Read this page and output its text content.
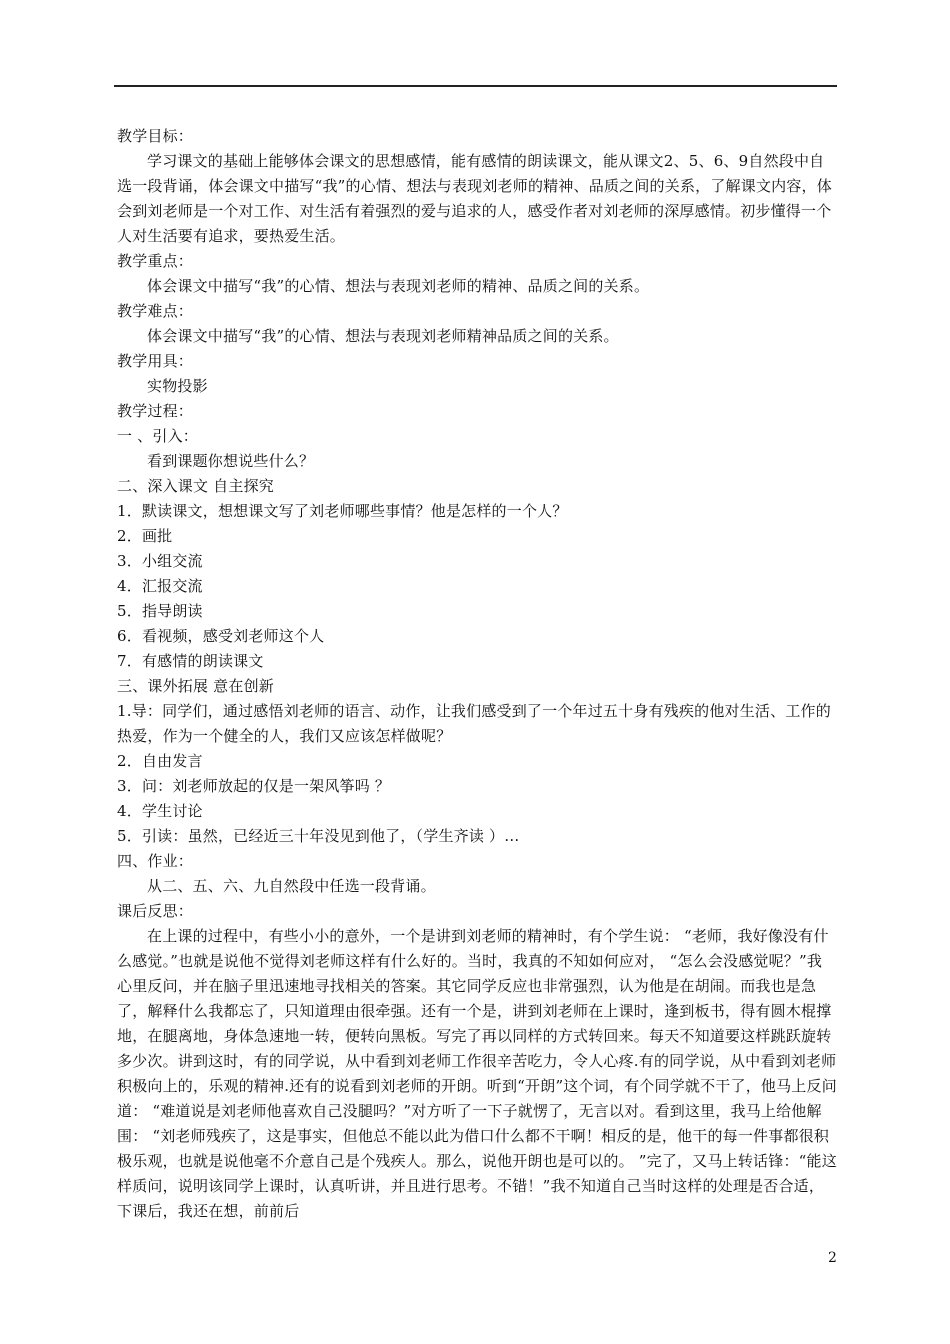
教学目标：

学习课文的基础上能够体会课文的思想感情，能有感情的朗读课文，能从课文2、5、6、9自然段中自选一段背诵，体会课文中描写“我”的心情、想法与表现刘老师的精神、品质之间的关系，了解课文内容，体会到刘老师是一个对工作、对生活有着强烈的爱与追求的人，感受作者对刘老师的深厚感情。初步懂得一个人对生活要有追求，要热爱生活。

教学重点：

体会课文中描写“我”的心情、想法与表现刘老师的精神、品质之间的关系。

教学难点：

体会课文中描写“我”的心情、想法与表现刘老师精神品质之间的关系。

教学用具：

实物投影

教学过程：

一 、引入：

看到课题你想说些什么？

二、深入课文 自主探究

1．默读课文，想想课文写了刘老师哪些事情？他是怎样的一个人？

2．画批

3．小组交流

4．汇报交流

5．指导朗读

6．看视频，感受刘老师这个人

7．有感情的朗读课文

三、课外拓展 意在创新

1.导：同学们，通过感悟刘老师的语言、动作，让我们感受到了一个年过五十身有残疾的他对生活、工作的热爱，作为一个健全的人，我们又应该怎样做呢？

2．自由发言

3．问：刘老师放起的仅是一架风筝吗 ？

4．学生讨论

5．引读：虽然，已经近三十年没见到他了，（学生齐读 ）…

四、作业：

从二、五、六、九自然段中任选一段背诵。

课后反思：

在上课的过程中，有些小小的意外，一个是讲到刘老师的精神时，有个学生说： “老师，我好像没有什么感觉。”也就是说他不觉得刘老师这样有什么好的。当时，我真的不知如何应对， “怎么会没感觉呢？”我心里反问，并在脑子里迅速地寻找相关的答案。其它同学反应也非常强烈，认为他是在胡闹。而我也是急了，解释什么我都忘了，只知道理由很牵强。还有一个是，讲到刘老师在上课时，逢到板书，得有圆木棍撑地，在腿离地，身体急速地一转，便转向黑板。写完了再以同样的方式转回来。每天不知道要这样跳跃旋转多少次。讲到这时，有的同学说，从中看到刘老师工作很辛苦吃力，令人心疼.有的同学说，从中看到刘老师积极向上的，乐观的精神.还有的说看到刘老师的开朗。听到“开朗”这个词，有个同学就不干了，他马上反问道： “难道说是刘老师他喜欢自己没腿吗？”对方听了一下子就愣了，无言以对。看到这里，我马上给他解围： “刘老师残疾了，这是事实，但他总不能以此为借口什么都不干啊！相反的是，他干的每一件事都很积极乐观，也就是说他毫不介意自己是个残疾人。那么，说他开朗也是可以的。 ”完了，又马上转话锋：“能这样质问，说明该同学上课时，认真听讲，并且进行思考。不错！”我不知道自己当时这样的处理是否合适，下课后，我还在想，前前后

2
